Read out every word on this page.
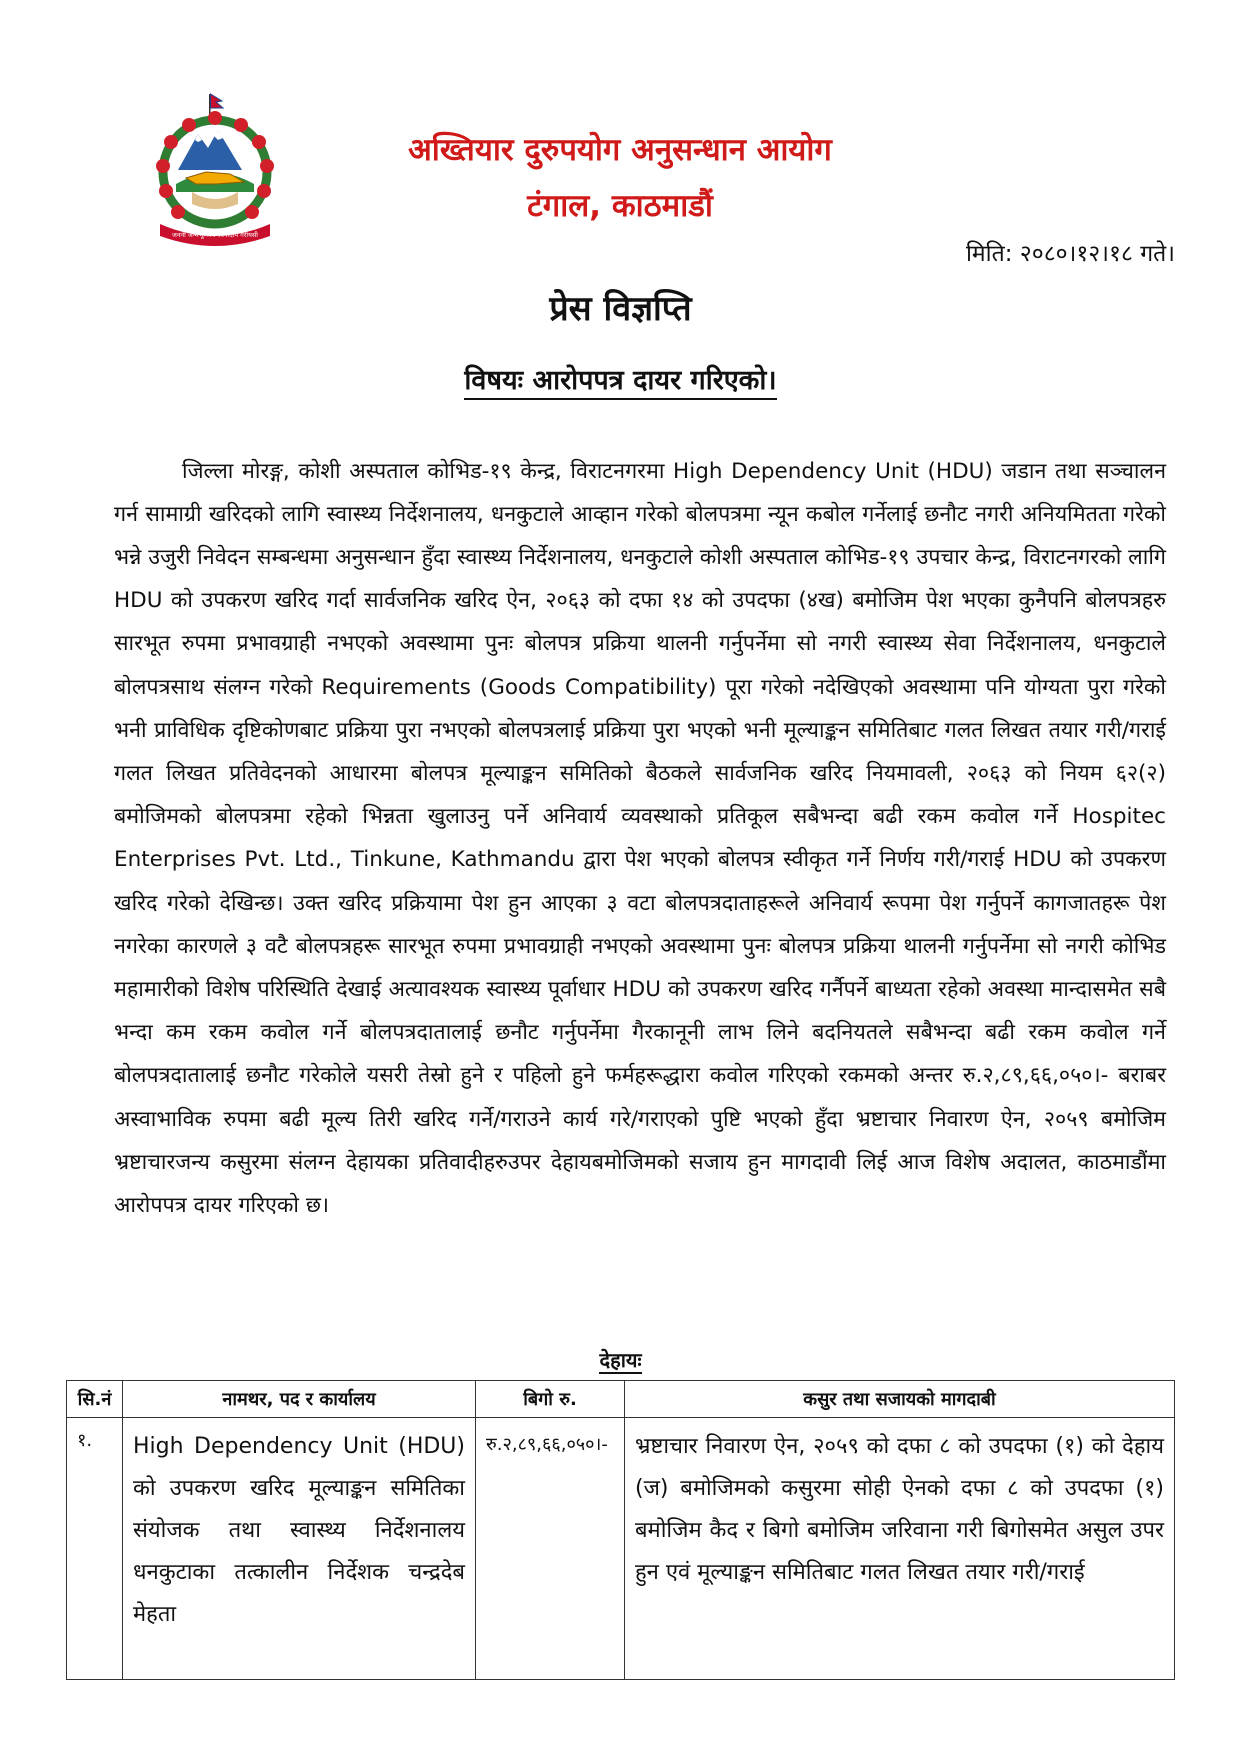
जननी जन्मभूमिश्च स्वर्गादपि गरीयसी
अख्तियार दुरुपयोग अनुसन्धान आयोग
टंगाल, काठमाडौं
मिति: २०८०।१२।१८ गते।
प्रेस विज्ञप्ति
विषयः आरोपपत्र दायर गरिएको।

जिल्ला मोरङ्ग, कोशी अस्पताल कोभिड-१९ केन्द्र, विराटनगरमा High Dependency Unit (HDU) जडान तथा सञ्चालन गर्न सामाग्री खरिदको लागि स्वास्थ्य निर्देशनालय, धनकुटाले आव्हान गरेको बोलपत्रमा न्यून कबोल गर्नेलाई छनौट नगरी अनियमितता गरेको भन्ने उजुरी निवेदन सम्बन्धमा अनुसन्धान हुँदा स्वास्थ्य निर्देशनालय, धनकुटाले कोशी अस्पताल कोभिड-१९ उपचार केन्द्र, विराटनगरको लागि HDU को उपकरण खरिद गर्दा सार्वजनिक खरिद ऐन, २०६३ को दफा १४ को उपदफा (४ख) बमोजिम पेश भएका कुनैपनि बोलपत्रहरु सारभूत रुपमा प्रभावग्राही नभएको अवस्थामा पुनः बोलपत्र प्रक्रिया थालनी गर्नुपर्नेमा सो नगरी स्वास्थ्य सेवा निर्देशनालय, धनकुटाले बोलपत्रसाथ संलग्न गरेको Requirements (Goods Compatibility) पूरा गरेको नदेखिएको अवस्थामा पनि योग्यता पुरा गरेको भनी प्राविधिक दृष्टिकोणबाट प्रक्रिया पुरा नभएको बोलपत्रलाई प्रक्रिया पुरा भएको भनी मूल्याङ्कन समितिबाट गलत लिखत तयार गरी/गराई गलत लिखत प्रतिवेदनको आधारमा बोलपत्र मूल्याङ्कन समितिको बैठकले सार्वजनिक खरिद नियमावली, २०६३ को नियम ६२(२) बमोजिमको बोलपत्रमा रहेको भिन्नता खुलाउनु पर्ने अनिवार्य व्यवस्थाको प्रतिकूल सबैभन्दा बढी रकम कवोल गर्ने Hospitec Enterprises Pvt. Ltd., Tinkune, Kathmandu द्वारा पेश भएको बोलपत्र स्वीकृत गर्ने निर्णय गरी/गराई HDU को उपकरण खरिद गरेको देखिन्छ। उक्त खरिद प्रक्रियामा पेश हुन आएका ३ वटा बोलपत्रदाताहरूले अनिवार्य रूपमा पेश गर्नुपर्ने कागजातहरू पेश नगरेका कारणले ३ वटै बोलपत्रहरू सारभूत रुपमा प्रभावग्राही नभएको अवस्थामा पुनः बोलपत्र प्रक्रिया थालनी गर्नुपर्नेमा सो नगरी कोभिड महामारीको विशेष परिस्थिति देखाई अत्यावश्यक स्वास्थ्य पूर्वाधार HDU को उपकरण खरिद गर्नैपर्ने बाध्यता रहेको अवस्था मान्दासमेत सबै भन्दा कम रकम कवोल गर्ने बोलपत्रदातालाई छनौट गर्नुपर्नेमा गैरकानूनी लाभ लिने बदनियतले सबैभन्दा बढी रकम कवोल गर्ने बोलपत्रदातालाई छनौट गरेकोले यसरी तेस्रो हुने र पहिलो हुने फर्महरूद्धारा कवोल गरिएको रकमको अन्तर रु.२,८९,६६,०५०।- बराबर अस्वाभाविक रुपमा बढी मूल्य तिरी खरिद गर्ने/गराउने कार्य गरे/गराएको पुष्टि भएको हुँदा भ्रष्टाचार निवारण ऐन, २०५९ बमोजिम भ्रष्टाचारजन्य कसुरमा संलग्न देहायका प्रतिवादीहरुउपर देहायबमोजिमको सजाय हुन मागदावी लिई आज विशेष अदालत, काठमाडौंमा आरोपपत्र दायर गरिएको छ।

देहायः
सि.नं	नामथर, पद र कार्यालय	बिगो रु.	कसुर तथा सजायको मागदाबी
१.	High Dependency Unit (HDU) को उपकरण खरिद मूल्याङ्कन समितिका संयोजक तथा स्वास्थ्य निर्देशनालय धनकुटाका तत्कालीन निर्देशक चन्द्रदेब मेहता	रु.२,८९,६६,०५०।-	भ्रष्टाचार निवारण ऐन, २०५९ को दफा ८ को उपदफा (१) को देहाय (ज) बमोजिमको कसुरमा सोही ऐनको दफा ८ को उपदफा (१) बमोजिम कैद र बिगो बमोजिम जरिवाना गरी बिगोसमेत असुल उपर हुन एवं मूल्याङ्कन समितिबाट गलत लिखत तयार गरी/गराई
